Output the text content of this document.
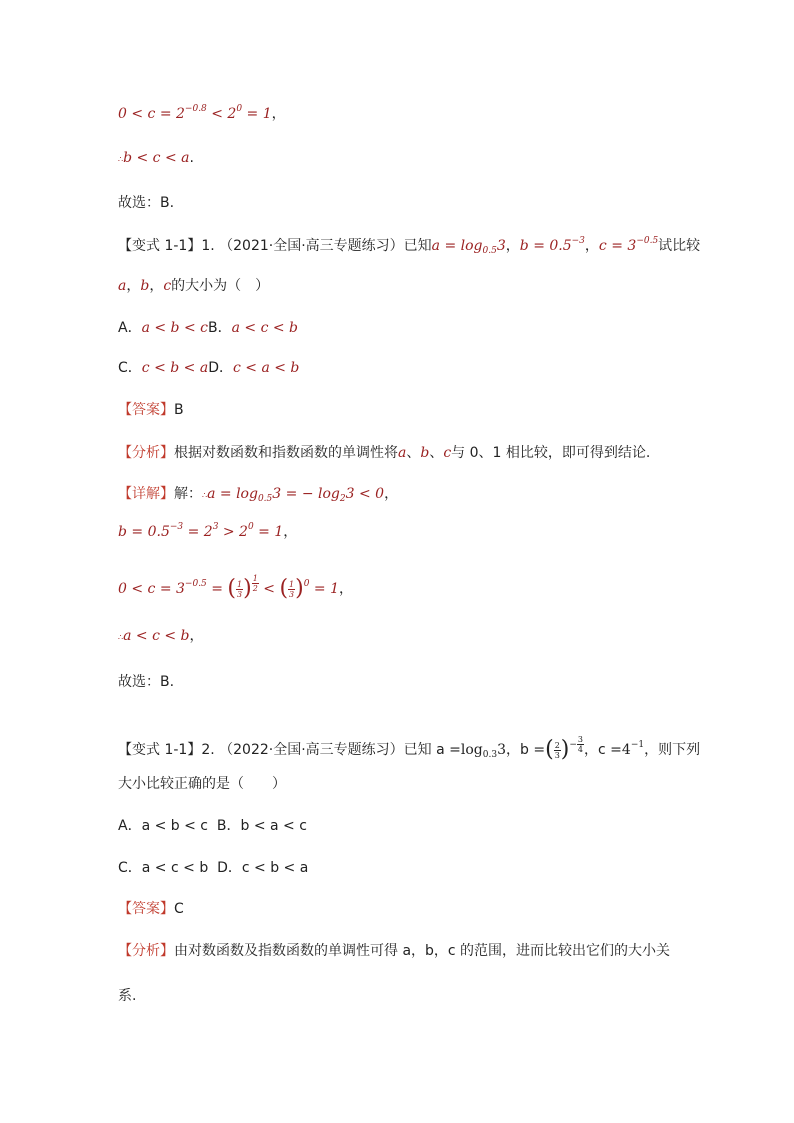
$0 < c = 2^{-0.8} < 2^0 = 1$，
∴b < c < a.
故选：B.
【变式 1-1】1. （2021·全国·高三专题练习）已知$a = \log_{0.5}3$，$b = 0.5^{-3}$，$c = 3^{-0.5}$试比较
a，b，c的大小为（　）
A．a < b < cB．a < c < b
C．c < b < aD．c < a < b
【答案】B
【分析】根据对数函数和指数函数的单调性将a、b、c与 0、1 相比较，即可得到结论.
【详解】解：∴a = $\log_{0.5}3$ = − $\log_23 < 0$，
$b = 0.5^{-3} = 2^3 > 2^0 = 1$，
$0 < c = 3^{-0.5}$ = ( $\frac{1}{3}$ ) $^{\frac{1}{2}}$ < ( $\frac{1}{3} )^0 = 1$，
∴a < c < b，
故选：B.
【变式 1-1】2. （2022·全国·高三专题练习）已知 $a =\log_{0.3}3$，b =( $\frac{2}{3} )^{- \frac{3}{4}}$ ，$c =4^{-1}$，则下列
大小比较正确的是（　　）
A．a < b < c  B．b < a < c
C．a < c < b  D．c < b < a
【答案】C
【分析】由对数函数及指数函数的单调性可得 a，b，c 的范围，进而比较出它们的大小关
系.
